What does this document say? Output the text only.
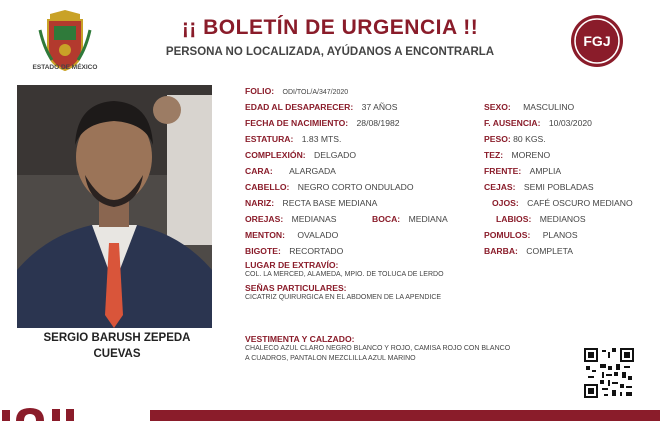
ESTADO DE MÉXICO
¡¡ BOLETÍN DE URGENCIA !!
PERSONA NO LOCALIZADA, AYÚDANOS A ENCONTRARLA
FGJ
SERGIO BARUSH ZEPEDA
CUEVAS
FOLIO: ODI/TOL/A/347/2020
EDAD AL DESAPARECER: 37 AÑOS	SEXO: MASCULINO
FECHA DE NACIMIENTO: 28/08/1982	F. AUSENCIA: 10/03/2020
ESTATURA: 1.83 MTS.	PESO: 80 KGS.
COMPLEXIÓN: DELGADO	TEZ: MORENO
CARA: ALARGADA	FRENTE: AMPLIA
CABELLO: NEGRO CORTO ONDULADO	CEJAS: SEMI POBLADAS
NARIZ: RECTA BASE MEDIANA	OJOS: CAFÉ OSCURO MEDIANO
OREJAS: MEDIANAS	BOCA: MEDIANA	LABIOS: MEDIANOS
MENTON: OVALADO	POMULOS: PLANOS
BIGOTE: RECORTADO	BARBA: COMPLETA
LUGAR DE EXTRAVÍO:
COL. LA MERCED, ALAMEDA, MPIO. DE TOLUCA DE LERDO
SEÑAS PARTICULARES:
CICATRIZ QUIRURGICA EN EL ABDOMEN DE LA APENDICE
VESTIMENTA Y CALZADO:
CHALECO AZUL CLARO NEGRO BLANCO Y ROJO, CAMISA ROJO CON BLANCO
A CUADROS, PANTALON MEZCLILLA AZUL MARINO
